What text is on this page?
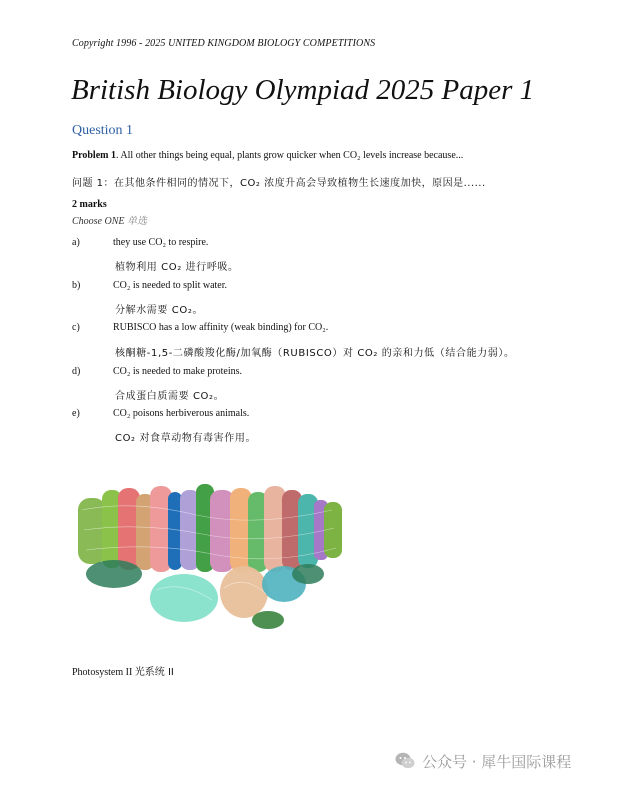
Copyright 1996 - 2025 UNITED KINGDOM BIOLOGY COMPETITIONS
British Biology Olympiad 2025 Paper 1
Question 1
Problem 1. All other things being equal, plants grow quicker when CO₂ levels increase because...
问题 1：在其他条件相同的情况下，CO₂ 浓度升高会导致植物生长速度加快，原因是......
2 marks
Choose ONE 单选
a)	they use CO₂ to respire.
植物利用 CO₂ 进行呼吸。
b)	CO₂ is needed to split water.
分解水需要 CO₂。
c)	RUBISCO has a low affinity (weak binding) for CO₂.
核酮糖-1,5-二磷酸羧化酶/加氧酶（RUBISCO）对 CO₂ 的亲和力低（结合能力弱）。
d)	CO₂ is needed to make proteins.
合成蛋白质需要 CO₂。
e)	CO₂ poisons herbiverous animals.
CO₂ 对食草动物有毒害作用。
Photosystem II 光系统 II
公众号 · 犀牛国际课程
